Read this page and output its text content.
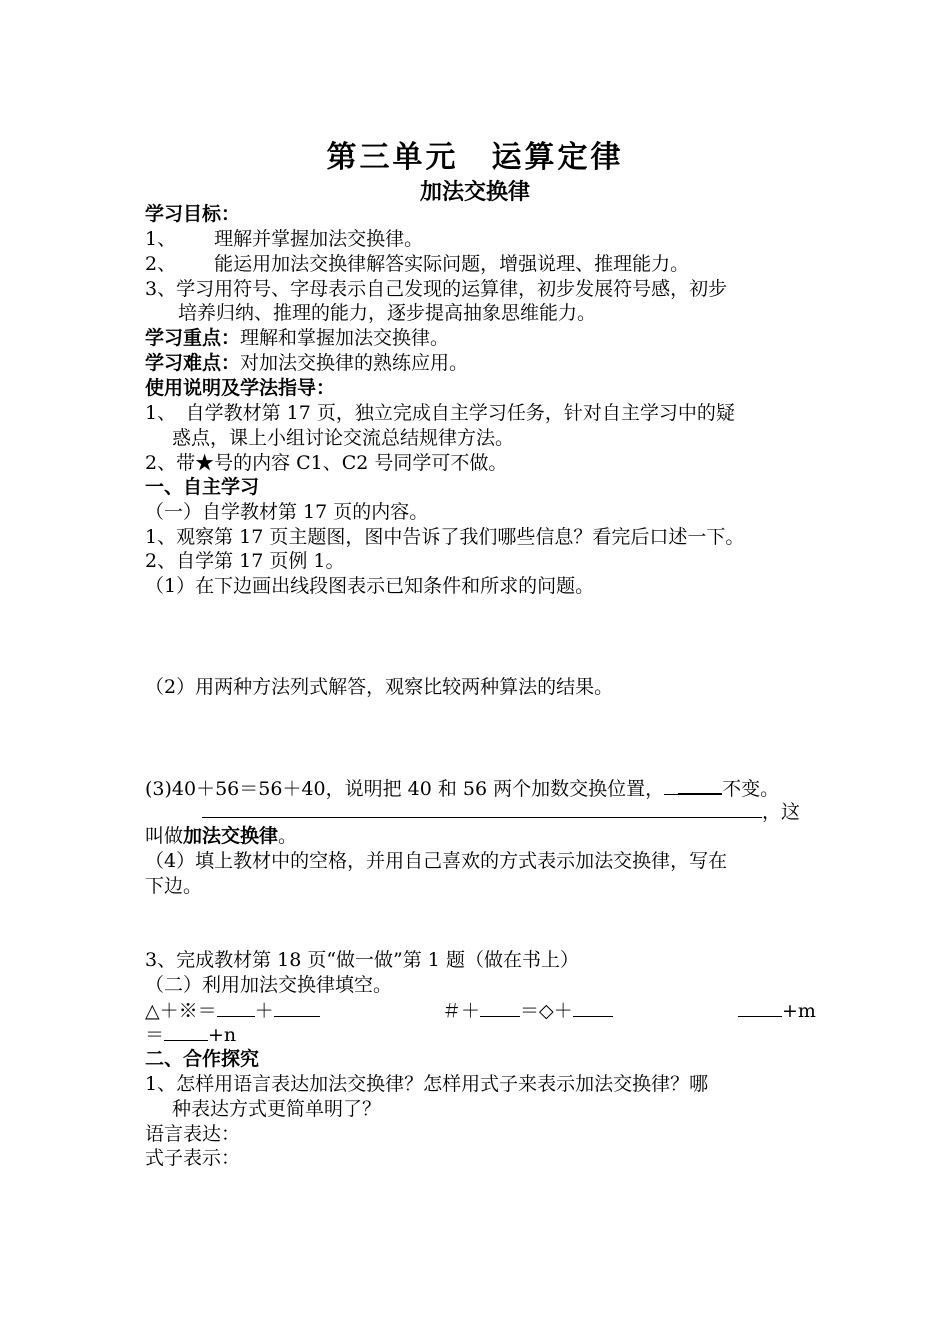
第三单元　运算定律
加法交换律
学习目标：
1、 理解并掌握加法交换律。
2、 能运用加法交换律解答实际问题，增强说理、推理能力。
3、学习用符号、字母表示自己发现的运算律，初步发展符号感，初步
培养归纳、推理的能力，逐步提高抽象思维能力。
学习重点：理解和掌握加法交换律。
学习难点：对加法交换律的熟练应用。
使用说明及学法指导：
1、　自学教材第 17 页，独立完成自主学习任务，针对自主学习中的疑
惑点，课上小组讨论交流总结规律方法。
2、带★号的内容 C1、C2 号同学可不做。
一、自主学习
（一）自学教材第 17 页的内容。
1、观察第 17 页主题图，图中告诉了我们哪些信息？看完后口述一下。
2、自学第 17 页例 1。
（1）在下边画出线段图表示已知条件和所求的问题。
（2）用两种方法列式解答，观察比较两种算法的结果。
(3)40＋56＝56＋40，说明把 40 和 56 两个加数交换位置，	不变。
，这
叫做加法交换律。
（4）填上教材中的空格，并用自己喜欢的方式表示加法交换律，写在
下边。
3、完成教材第 18 页“做一做”第 1 题（做在书上）
（二）利用加法交换律填空。
△＋※＝ ＋	＃＋ ＝◇＋	+m
＝ +n
二、合作探究
1、怎样用语言表达加法交换律？怎样用式子来表示加法交换律？哪
种表达方式更简单明了？
语言表达：
式子表示：
